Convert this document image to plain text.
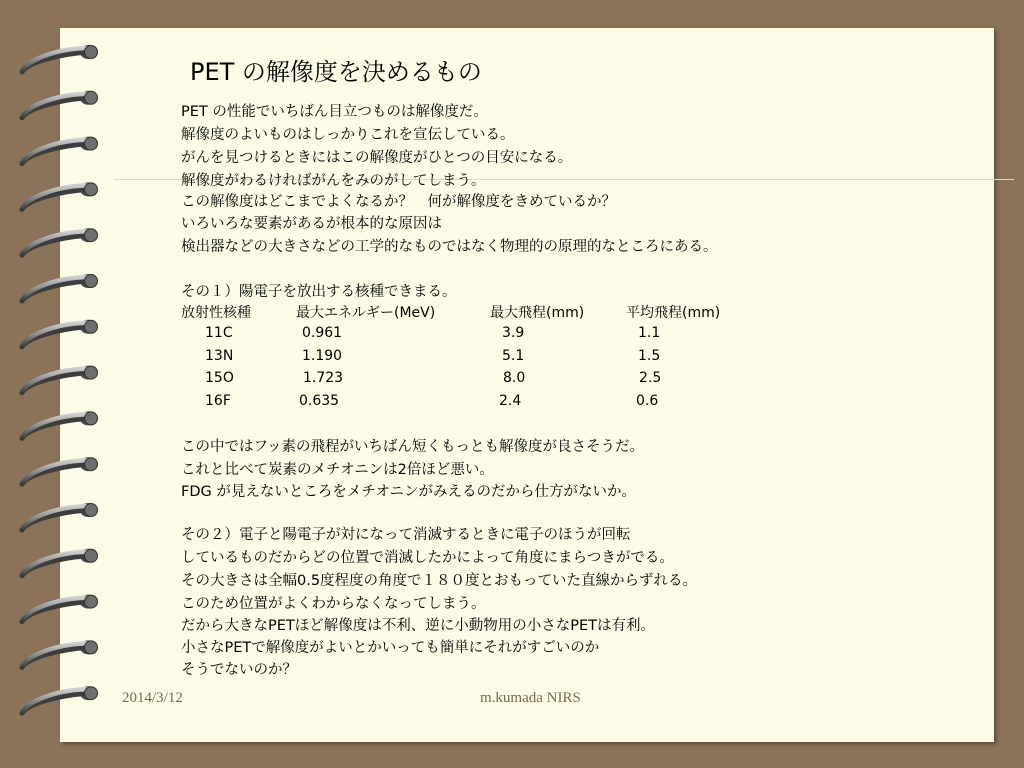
PET の解像度を決めるもの
PET の性能でいちばん目立つものは解像度だ。
解像度のよいものはしっかりこれを宣伝している。
がんを見つけるときにはこの解像度がひとつの目安になる。
解像度がわるければがんをみのがしてしまう。
この解像度はどこまでよくなるか？　何が解像度をきめているか？
いろいろな要素があるが根本的な原因は
検出器などの大きさなどの工学的なものではなく物理的の原理的なところにある。
その１）陽電子を放出する核種できまる。
放射性核種	最大エネルギー(MeV)	最大飛程(mm)	平均飛程(mm)
11C	0.961	3.9	1.1
13N	1.190	5.1	1.5
15O	1.723	8.0	2.5
16F	0.635	2.4	0.6
この中ではフッ素の飛程がいちばん短くもっとも解像度が良さそうだ。
これと比べて炭素のメチオニンは2倍ほど悪い。
FDG が見えないところをメチオニンがみえるのだから仕方がないか。
その２）電子と陽電子が対になって消滅するときに電子のほうが回転
しているものだからどの位置で消滅したかによって角度にまらつきがでる。
その大きさは全幅0.5度程度の角度で１８０度とおもっていた直線からずれる。
このため位置がよくわからなくなってしまう。
だから大きなPETほど解像度は不利、逆に小動物用の小さなPETは有利。
小さなPETで解像度がよいとかいっても簡単にそれがすごいのか
そうでないのか？
2014/3/12	m.kumada NIRS
